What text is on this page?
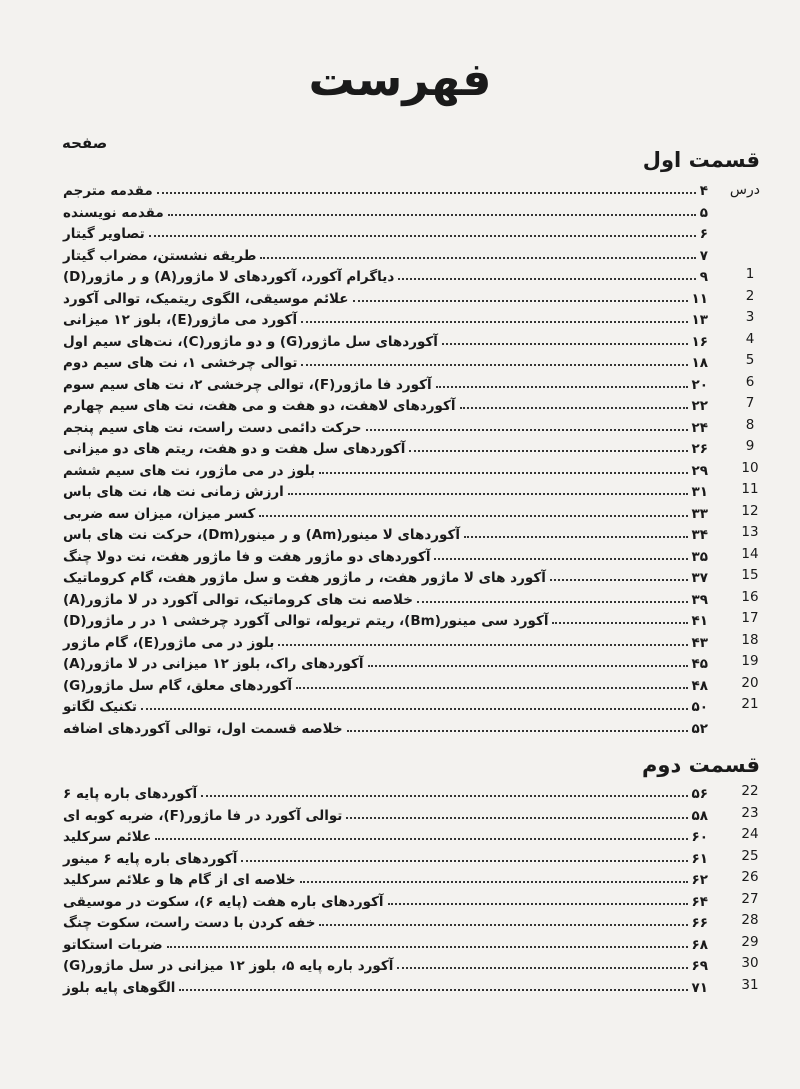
فهرست
صفحه
قسمت اول
درس
مقدمه مترجم	۴
مقدمه نویسنده	۵
تصاویر گیتار	۶
طریقه نشستن، مضراب گیتار	۷
1
دیاگرام آکورد، آکوردهای لا ماژور(A) و ر ماژور(D)	۹
2
علائم موسیقی، الگوی ریتمیک، توالی آکورد	۱۱
3
آکورد می ماژور(E)، بلوز ۱۲ میزانی	۱۳
4
آکوردهای سل ماژور(G) و دو ماژور(C)، نت‌های سیم اول	۱۶
5
توالی چرخشی ۱، نت های سیم دوم	۱۸
6
آکورد فا ماژور(F)، توالی چرخشی ۲، نت های سیم سوم	۲۰
7
آکوردهای لاهفت، دو هفت و می هفت، نت های سیم چهارم	۲۲
8
حرکت دائمی دست راست، نت های سیم پنجم	۲۴
9
آکوردهای سل هفت و دو هفت، ریتم های دو میزانی	۲۶
10
بلوز در می ماژور، نت های سیم ششم	۲۹
11
ارزش زمانی نت ها، نت های باس	۳۱
12
کسر میزان، میزان سه ضربی	۳۳
13
آکوردهای لا مینور(Am) و ر مینور(Dm)، حرکت نت های باس	۳۴
14
آکوردهای دو ماژور هفت و فا ماژور هفت، نت دولا چنگ	۳۵
15
آکورد های لا ماژور هفت، ر ماژور هفت و سل ماژور هفت، گام کروماتیک	۳۷
16
خلاصه نت های کروماتیک، توالی آکورد در لا ماژور(A)	۳۹
17
آکورد سی مینور(Bm)، ریتم تریوله، توالی آکورد چرخشی ۱ در ر ماژور(D)	۴۱
18
بلوز در می ماژور(E)، گام ماژور	۴۳
19
آکوردهای راک، بلوز ۱۲ میزانی در لا ماژور(A)	۴۵
20
آکوردهای معلق، گام سل ماژور(G)	۴۸
21
تکنیک لگاتو	۵۰
خلاصه قسمت اول، توالی آکوردهای اضافه	۵۲
قسمت دوم
22
آکوردهای باره پایه ۶	۵۶
23
توالی آکورد در فا ماژور(F)، ضربه کوبه ای	۵۸
24
علائم سرکلید	۶۰
25
آکوردهای باره پایه ۶ مینور	۶۱
26
خلاصه ای از گام ها و علائم سرکلید	۶۲
27
آکوردهای باره هفت (پایه ۶)، سکوت در موسیقی	۶۴
28
خفه کردن با دست راست، سکوت چنگ	۶۶
29
ضربات استکاتو	۶۸
30
آکورد باره پایه ۵، بلوز ۱۲ میزانی در سل ماژور(G)	۶۹
31
الگوهای پایه بلوز	۷۱
